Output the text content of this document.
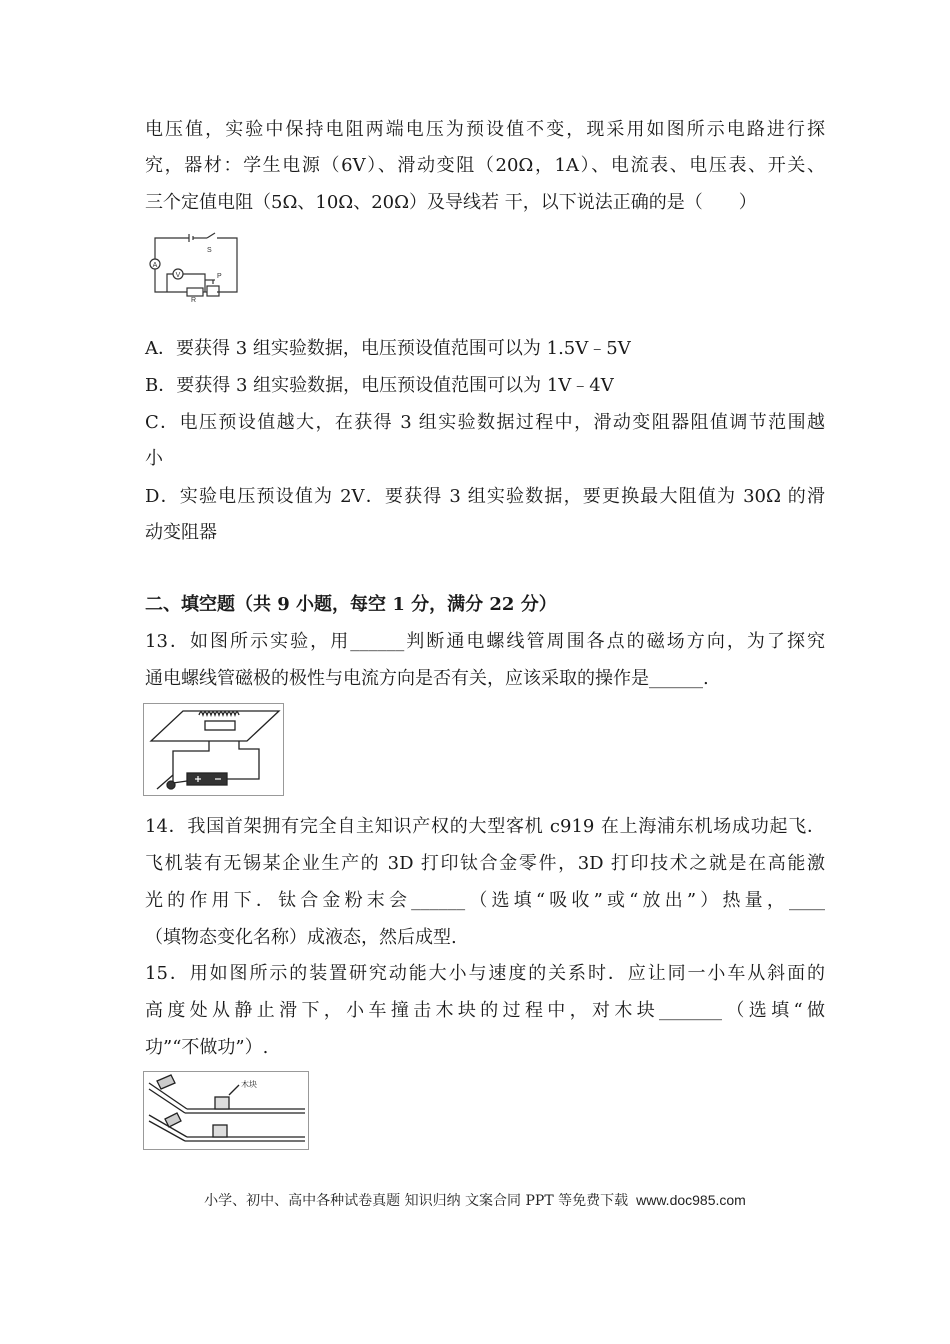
电压值，实验中保持电阻两端电压为预设值不变，现采用如图所示电路进行探
究，器材：学生电源（6V）、滑动变阻（20Ω，1A）、电流表、电压表、开关、
三个定值电阻（5Ω、10Ω、20Ω）及导线若 干，以下说法正确的是（　　）
A
V
S
R
P
A．要获得 3 组实验数据，电压预设值范围可以为 1.5V﹣5V
B．要获得 3 组实验数据，电压预设值范围可以为 1V﹣4V
C．电压预设值越大，在获得 3 组实验数据过程中，滑动变阻器阻值调节范围越
小
D．实验电压预设值为 2V．要获得 3 组实验数据，要更换最大阻值为 30Ω 的滑
动变阻器
二、填空题（共 9 小题，每空 1 分，满分 22 分）
13．如图所示实验，用______判断通电螺线管周围各点的磁场方向，为了探究
通电螺线管磁极的极性与电流方向是否有关，应该采取的操作是______.
14．我国首架拥有完全自主知识产权的大型客机 c919 在上海浦东机场成功起飞．
飞机装有无锡某企业生产的 3D 打印钛合金零件，3D 打印技术之就是在高能激
光的作用下．钛合金粉末会______（选填“吸收”或“放出”）热量，____
（填物态变化名称）成液态，然后成型.
15．用如图所示的装置研究动能大小与速度的关系时．应让同一小车从斜面的
高度处从静止滑下，小车撞击木块的过程中，对木块_______（选填“做
功”“不做功”）.
木块
小学、初中、高中各种试卷真题 知识归纳 文案合同 PPT 等免费下载 www.doc985.com
